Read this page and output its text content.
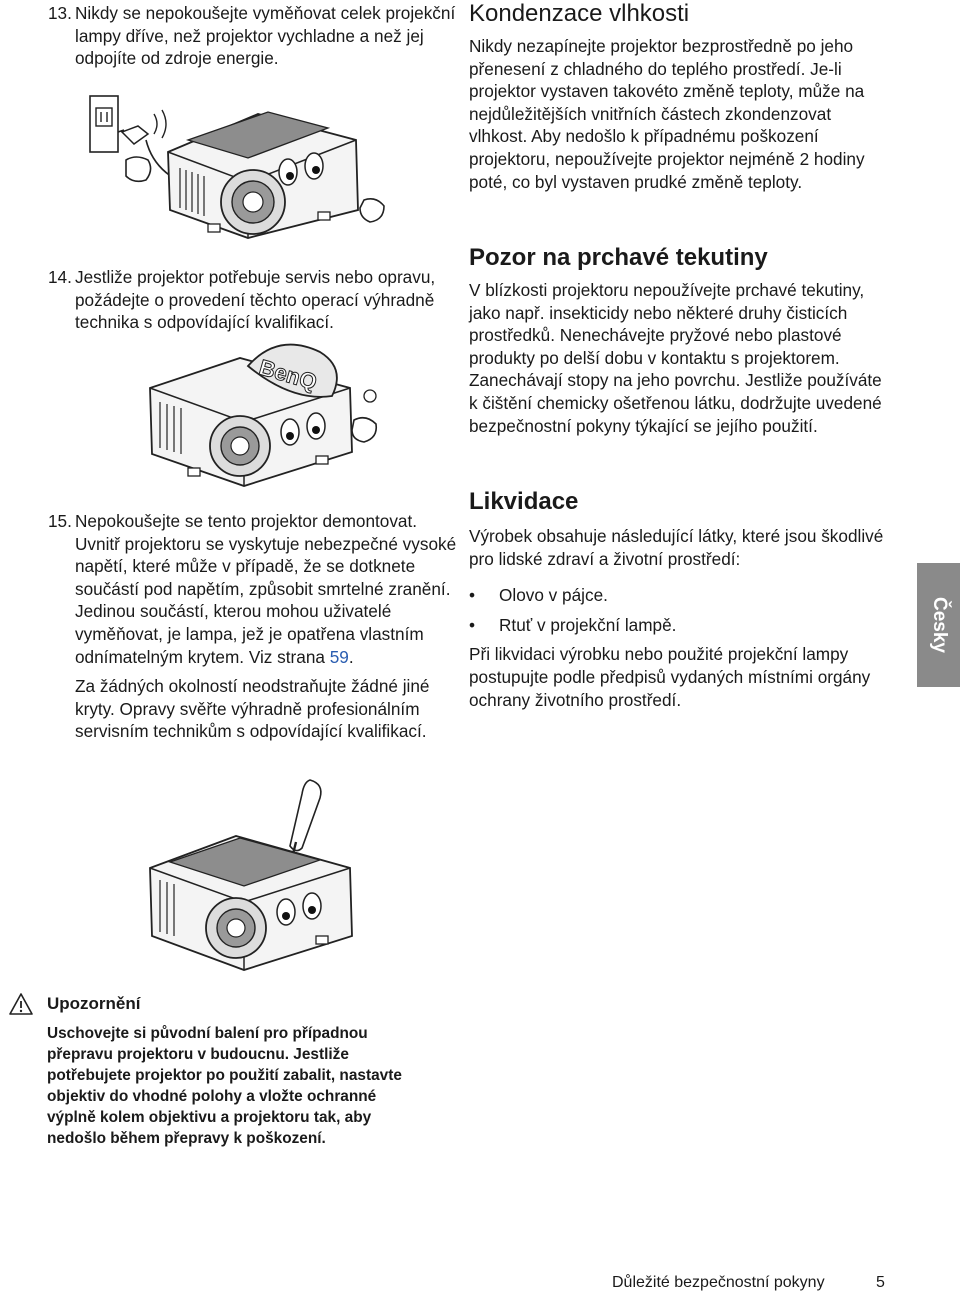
13. Nikdy se nepokoušejte vyměňovat celek projekční lampy dříve, než projektor vychladne a než jej odpojíte od zdroje energie.

14. Jestliže projektor potřebuje servis nebo opravu, požádejte o provedení těchto operací výhradně technika s odpovídající kvalifikací.

BenQ
15. Nepokoušejte se tento projektor demontovat.

Uvnitř projektoru se vyskytuje nebezpečné vysoké napětí, které může v případě, že se dotknete součástí pod napětím, způsobit smrtelné zranění. Jedinou součástí, kterou mohou uživatelé vyměňovat, je lampa, jež je opatřena vlastním odnímatelným krytem. Viz strana 59.

Za žádných okolností neodstraňujte žádné jiné kryty. Opravy svěřte výhradně profesionálním servisním technikům s odpovídající kvalifikací.

Kondenzace vlhkosti

Nikdy nezapínejte projektor bezprostředně po jeho přenesení z chladného do teplého prostředí. Je-li projektor vystaven takovéto změně teploty, může na nejdůležitějších vnitřních částech zkondenzovat vlhkost. Aby nedošlo k případnému poškození projektoru, nepoužívejte projektor nejméně 2 hodiny poté, co byl vystaven prudké změně teploty.

Pozor na prchavé tekutiny

V blízkosti projektoru nepoužívejte prchavé tekutiny, jako např. insekticidy nebo některé druhy čisticích prostředků. Nenechávejte pryžové nebo plastové produkty po delší dobu v kontaktu s projektorem. Zanechávají stopy na jeho povrchu. Jestliže používáte k čištění chemicky ošetřenou látku, dodržujte uvedené bezpečnostní pokyny týkající se jejího použití.

Likvidace

Výrobek obsahuje následující látky, které jsou škodlivé pro lidské zdraví a životní prostředí:

• Olovo v pájce.
• Rtuť v projekční lampě.

Při likvidaci výrobku nebo použité projekční lampy postupujte podle předpisů vydaných místními orgány ochrany životního prostředí.

Česky
Upozornění
Uschovejte si původní balení pro případnou přepravu projektoru v budoucnu. Jestliže potřebujete projektor po použití zabalit, nastavte objektiv do vhodné polohy a vložte ochranné výplně kolem objektivu a projektoru tak, aby nedošlo během přepravy k poškození.
Důležité bezpečnostní pokyny	5
